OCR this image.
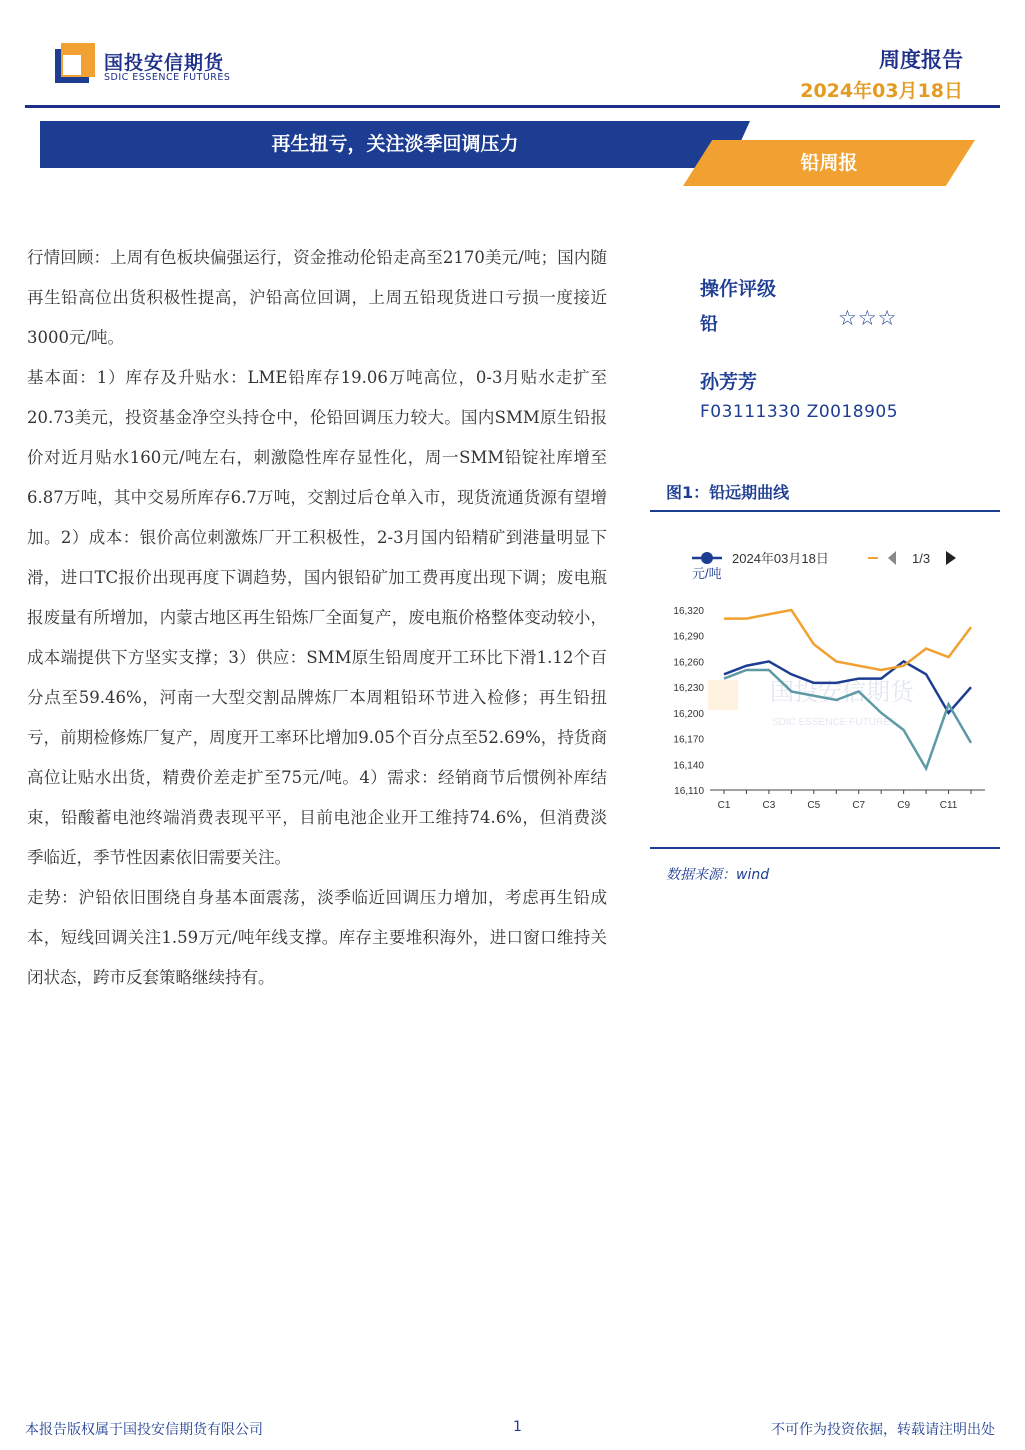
国投安信期货
SDIC ESSENCE FUTURES
周度报告
2024年03月18日
再生扭亏，关注淡季回调压力
铅周报

行情回顾：上周有色板块偏强运行，资金推动伦铅走高至2170美元/吨；国内随再生铅高位出货积极性提高，沪铅高位回调，上周五铅现货进口亏损一度接近3000元/吨。

基本面：1）库存及升贴水：LME铅库存19.06万吨高位，0-3月贴水走扩至20.73美元，投资基金净空头持仓中，伦铅回调压力较大。国内SMM原生铅报价对近月贴水160元/吨左右，刺激隐性库存显性化，周一SMM铅锭社库增至6.87万吨，其中交易所库存6.7万吨，交割过后仓单入市，现货流通货源有望增加。2）成本：银价高位刺激炼厂开工积极性，2-3月国内铅精矿到港量明显下滑，进口TC报价出现再度下调趋势，国内银铅矿加工费再度出现下调；废电瓶报废量有所增加，内蒙古地区再生铅炼厂全面复产，废电瓶价格整体变动较小，成本端提供下方坚实支撑；3）供应：SMM原生铅周度开工环比下滑1.12个百分点至59.46%，河南一大型交割品牌炼厂本周粗铅环节进入检修；再生铅扭亏，前期检修炼厂复产，周度开工率环比增加9.05个百分点至52.69%，持货商高位让贴水出货，精费价差走扩至75元/吨。4）需求：经销商节后惯例补库结束，铅酸蓄电池终端消费表现平平，目前电池企业开工维持74.6%，但消费淡季临近，季节性因素依旧需要关注。

走势：沪铅依旧围绕自身基本面震荡，淡季临近回调压力增加，考虑再生铅成本，短线回调关注1.59万元/吨年线支撑。库存主要堆积海外，进口窗口维持关闭状态，跨市反套策略继续持有。

操作评级
铅	☆☆☆
孙芳芳
F03111330 Z0018905
图1：铅远期曲线
2024年03月18日	1/3
元/吨
国投安信期货
SDIC ESSENCE FUTURES
16,320
16,290
16,260
16,230
16,200
16,170
16,140
16,110
C1	C3	C5	C7	C9	C11
数据来源：wind
本报告版权属于国投安信期货有限公司	1	不可作为投资依据，转载请注明出处
